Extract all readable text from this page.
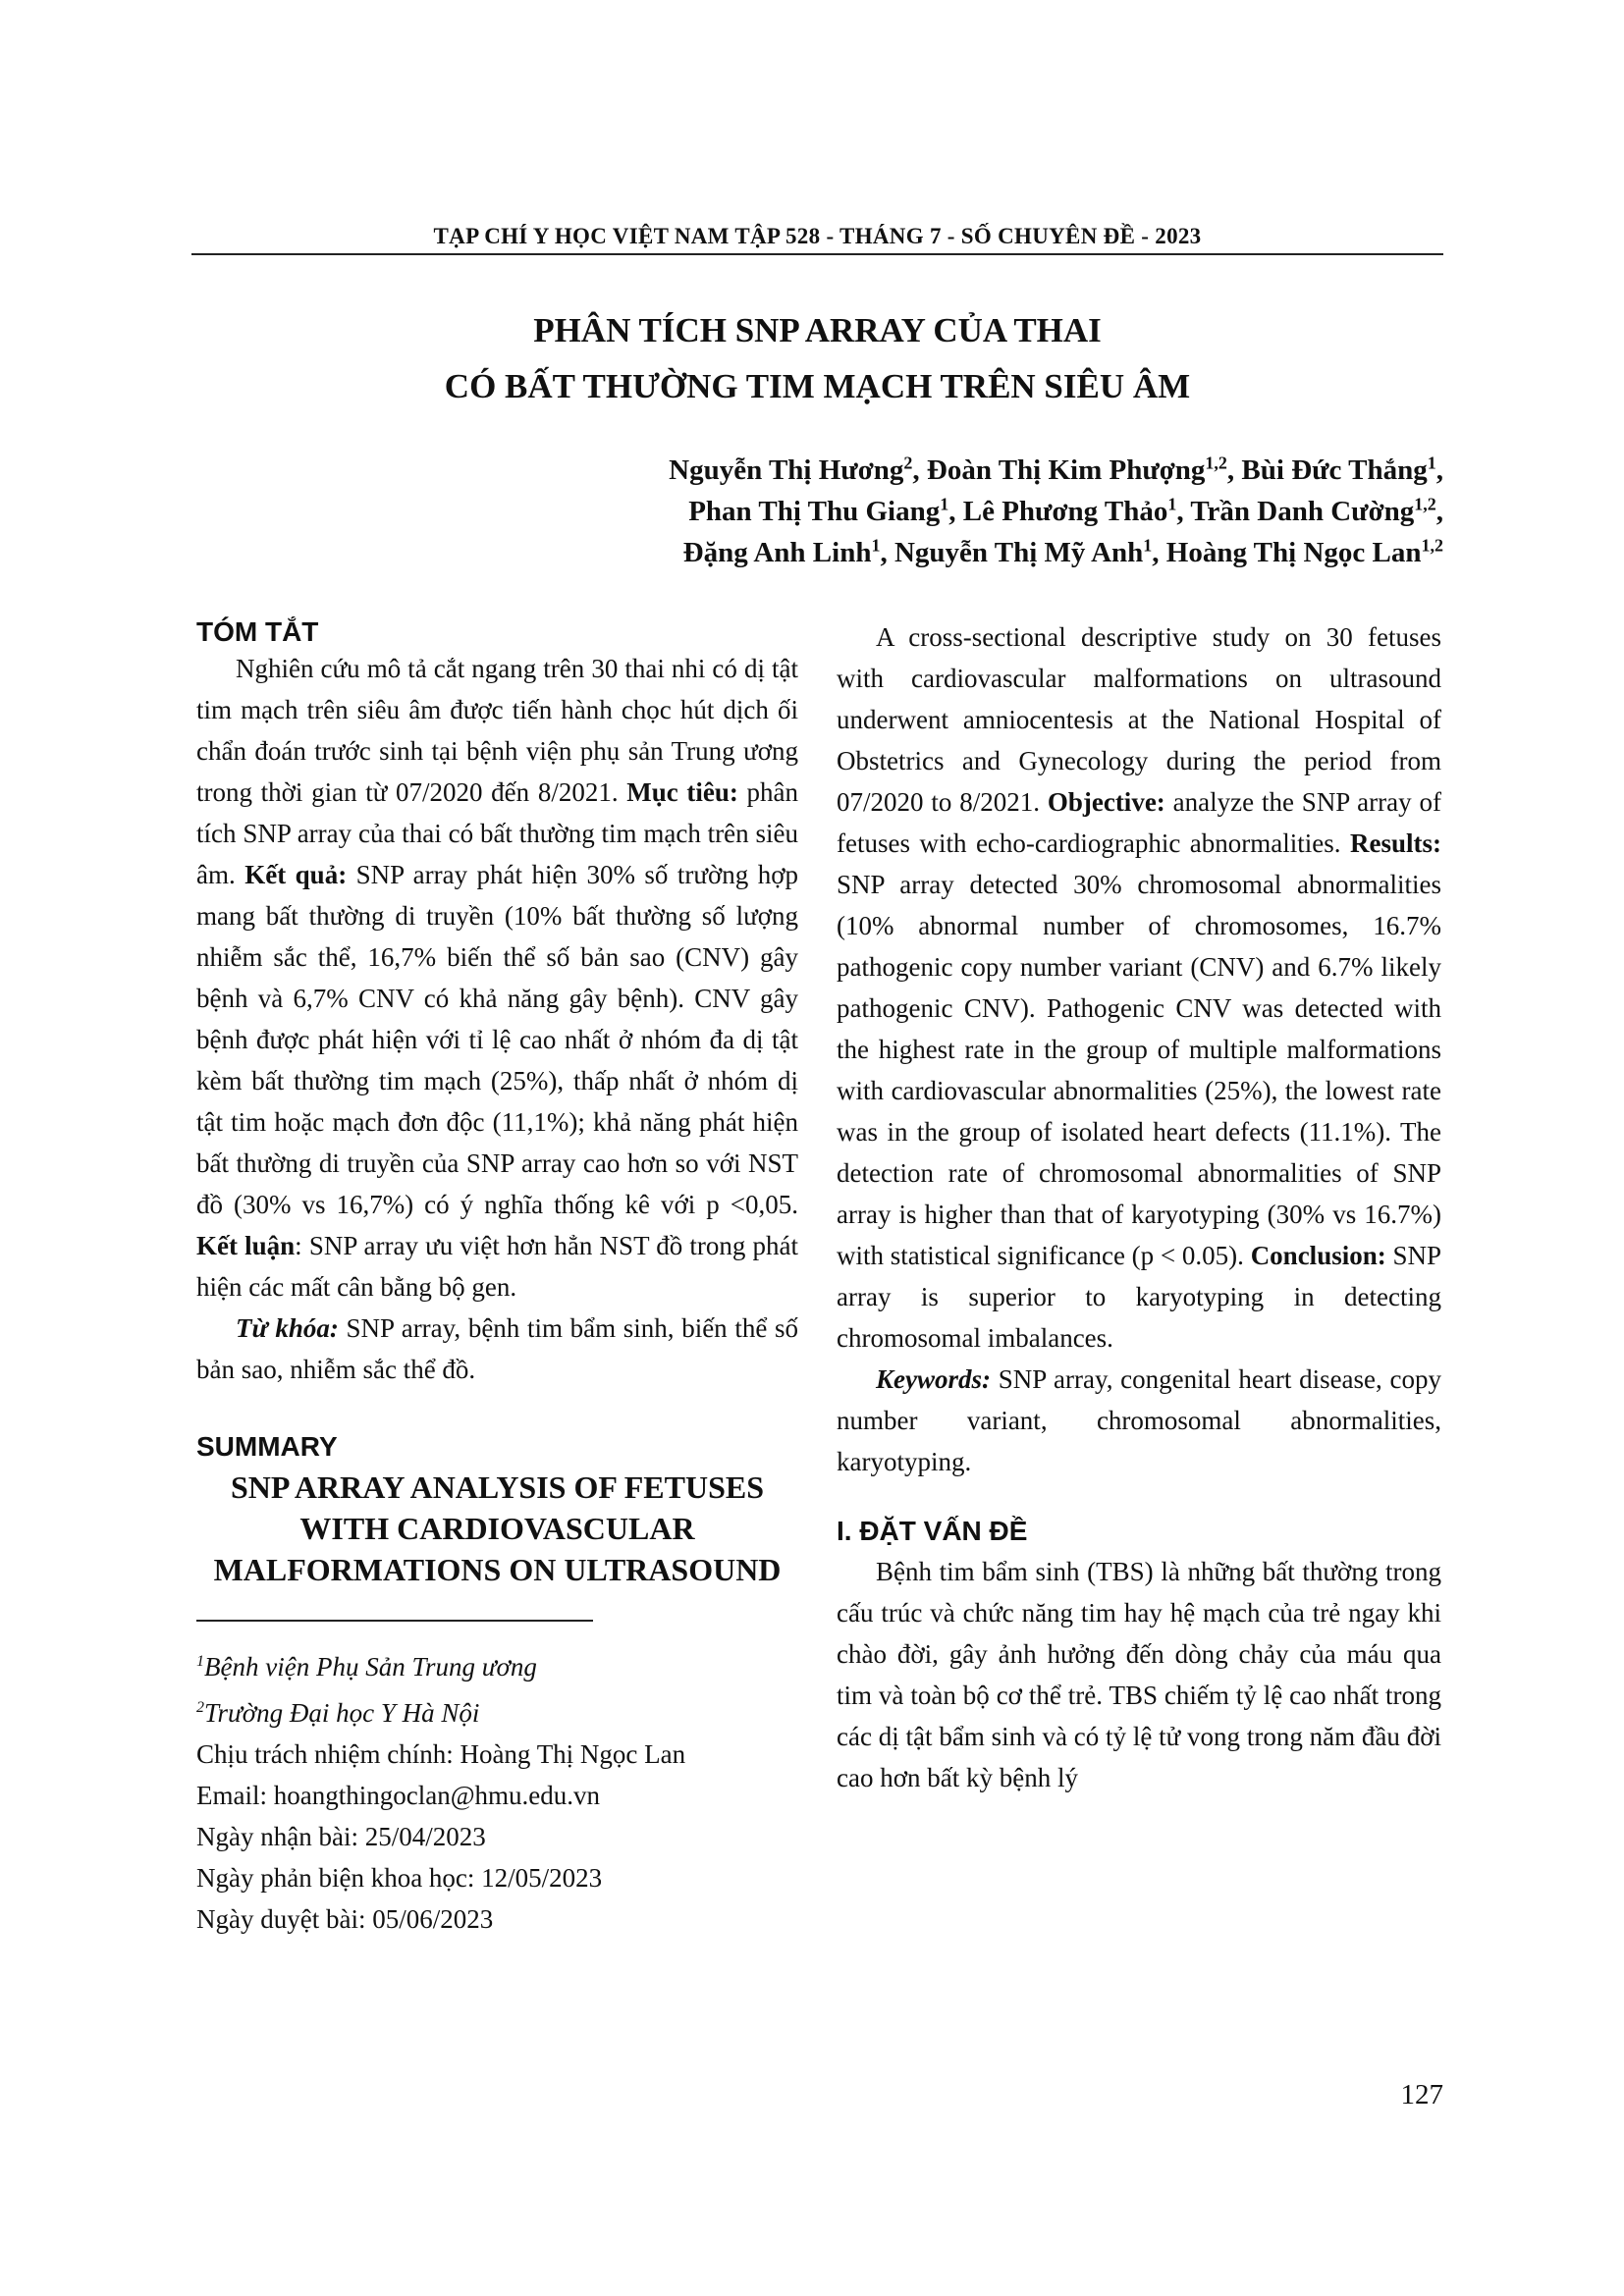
TẠP CHÍ Y HỌC VIỆT NAM TẬP 528 - THÁNG 7 - SỐ CHUYÊN ĐỀ - 2023
PHÂN TÍCH SNP ARRAY CỦA THAI
CÓ BẤT THƯỜNG TIM MẠCH TRÊN SIÊU ÂM
Nguyễn Thị Hương$^2$, Đoàn Thị Kim Phượng$^{1,2}$, Bùi Đức Thắng$^1$,
Phan Thị Thu Giang$^1$, Lê Phương Thảo$^1$, Trần Danh Cường$^{1,2}$,
Đặng Anh Linh$^1$, Nguyễn Thị Mỹ Anh$^1$, Hoàng Thị Ngọc Lan$^{1,2}$
TÓM TẮT

Nghiên cứu mô tả cắt ngang trên 30 thai nhi có dị tật tim mạch trên siêu âm được tiến hành chọc hút dịch ối chẩn đoán trước sinh tại bệnh viện phụ sản Trung ương trong thời gian từ 07/2020 đến 8/2021. Mục tiêu: phân tích SNP array của thai có bất thường tim mạch trên siêu âm. Kết quả: SNP array phát hiện 30% số trường hợp mang bất thường di truyền (10% bất thường số lượng nhiễm sắc thể, 16,7% biến thể số bản sao (CNV) gây bệnh và 6,7% CNV có khả năng gây bệnh). CNV gây bệnh được phát hiện với tỉ lệ cao nhất ở nhóm đa dị tật kèm bất thường tim mạch (25%), thấp nhất ở nhóm dị tật tim hoặc mạch đơn độc (11,1%); khả năng phát hiện bất thường di truyền của SNP array cao hơn so với NST đồ (30% vs 16,7%) có ý nghĩa thống kê với p <0,05. Kết luận: SNP array ưu việt hơn hẳn NST đồ trong phát hiện các mất cân bằng bộ gen.

Từ khóa: SNP array, bệnh tim bẩm sinh, biến thể số bản sao, nhiễm sắc thể đồ.

SUMMARY
SNP ARRAY ANALYSIS OF FETUSES
WITH CARDIOVASCULAR
MALFORMATIONS ON ULTRASOUND

$^1$Bệnh viện Phụ Sản Trung ương

$^2$Trường Đại học Y Hà Nội

Chịu trách nhiệm chính: Hoàng Thị Ngọc Lan

Email: hoangthingoclan@hmu.edu.vn

Ngày nhận bài: 25/04/2023

Ngày phản biện khoa học: 12/05/2023

Ngày duyệt bài: 05/06/2023

A cross-sectional descriptive study on 30 fetuses with cardiovascular malformations on ultrasound underwent amniocentesis at the National Hospital of Obstetrics and Gynecology during the period from 07/2020 to 8/2021. Objective: analyze the SNP array of fetuses with echo-cardiographic abnormalities. Results: SNP array detected 30% chromosomal abnormalities (10% abnormal number of chromosomes, 16.7% pathogenic copy number variant (CNV) and 6.7% likely pathogenic CNV). Pathogenic CNV was detected with the highest rate in the group of multiple malformations with cardiovascular abnormalities (25%), the lowest rate was in the group of isolated heart defects (11.1%). The detection rate of chromosomal abnormalities of SNP array is higher than that of karyotyping (30% vs 16.7%) with statistical significance (p < 0.05). Conclusion: SNP array is superior to karyotyping in detecting chromosomal imbalances.

Keywords: SNP array, congenital heart disease, copy number variant, chromosomal abnormalities, karyotyping.

I. ĐẶT VẤN ĐỀ

Bệnh tim bẩm sinh (TBS) là những bất thường trong cấu trúc và chức năng tim hay hệ mạch của trẻ ngay khi chào đời, gây ảnh hưởng đến dòng chảy của máu qua tim và toàn bộ cơ thể trẻ. TBS chiếm tỷ lệ cao nhất trong các dị tật bẩm sinh và có tỷ lệ tử vong trong năm đầu đời cao hơn bất kỳ bệnh lý

127
